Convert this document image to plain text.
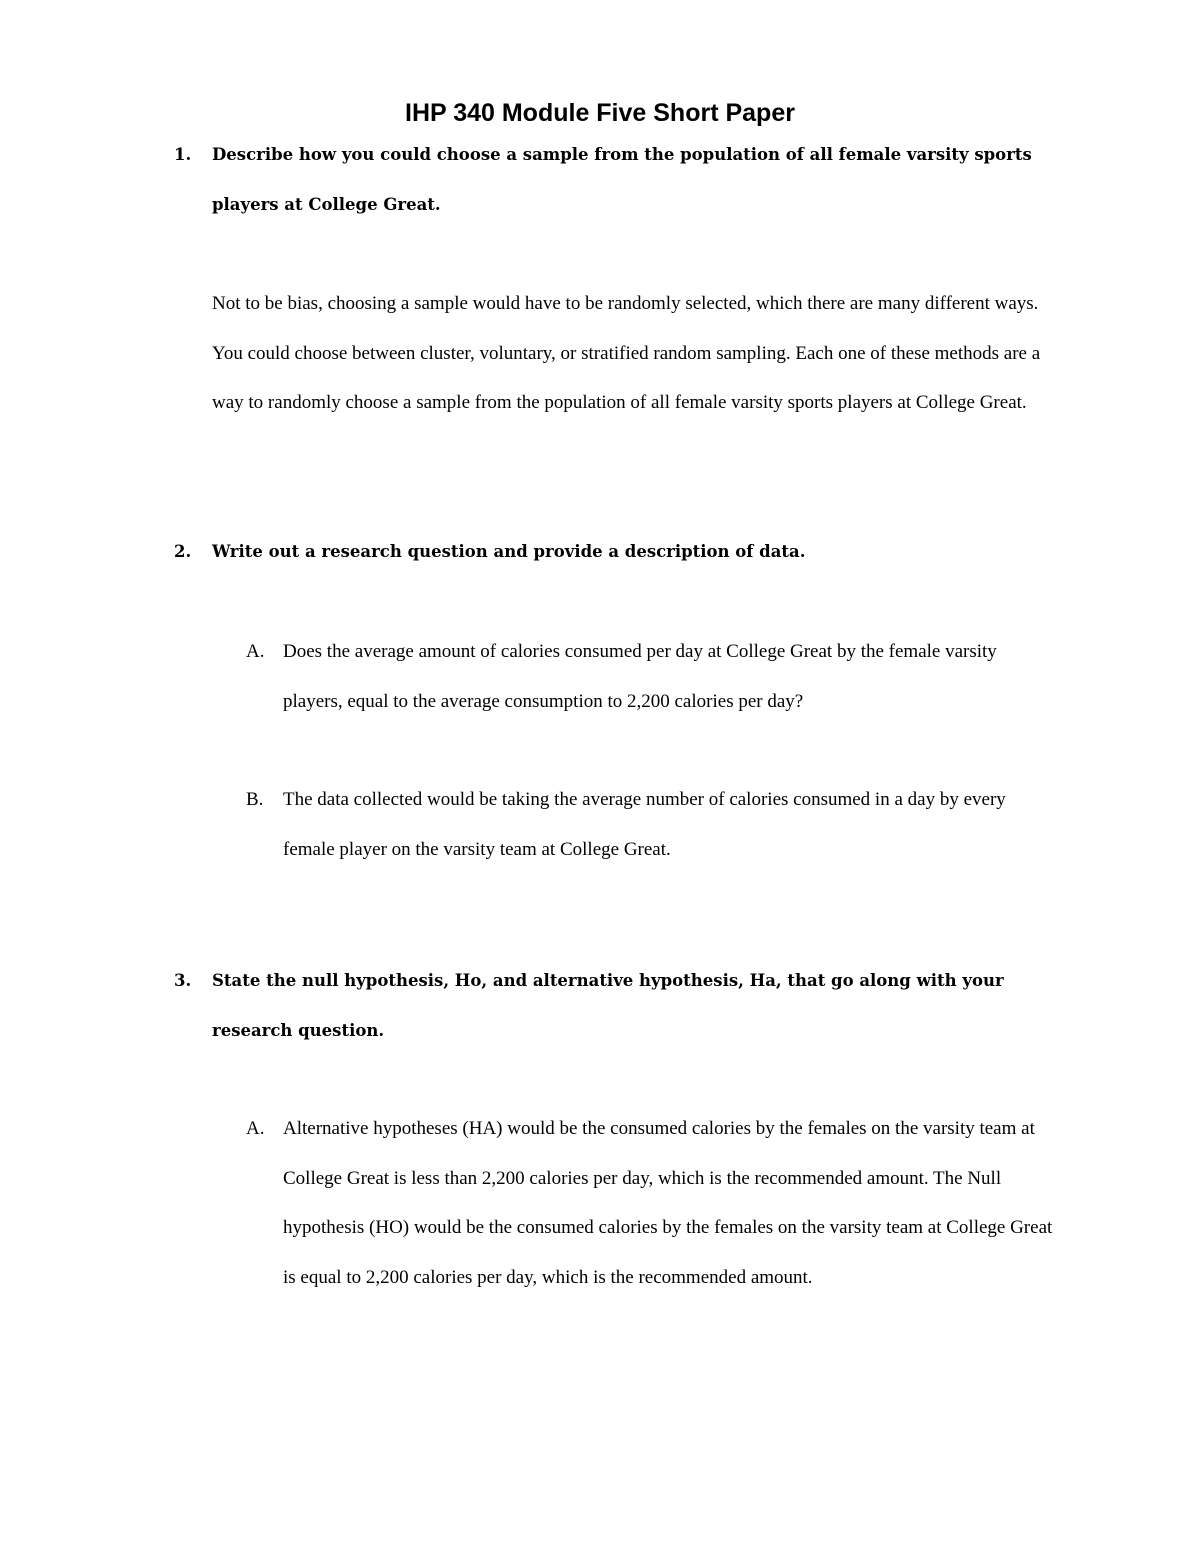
IHP 340 Module Five Short Paper
1. Describe how you could choose a sample from the population of all female varsity sports players at College Great.

Not to be bias, choosing a sample would have to be randomly selected, which there are many different ways. You could choose between cluster, voluntary, or stratified random sampling. Each one of these methods are a way to randomly choose a sample from the population of all female varsity sports players at College Great.

2. Write out a research question and provide a description of data.
A. Does the average amount of calories consumed per day at College Great by the female varsity players, equal to the average consumption to 2,200 calories per day?
B. The data collected would be taking the average number of calories consumed in a day by every female player on the varsity team at College Great.
3. State the null hypothesis, Ho, and alternative hypothesis, Ha, that go along with your research question.
A. Alternative hypotheses (HA) would be the consumed calories by the females on the varsity team at College Great is less than 2,200 calories per day, which is the recommended amount. The Null hypothesis (HO) would be the consumed calories by the females on the varsity team at College Great is equal to 2,200 calories per day, which is the recommended amount.
